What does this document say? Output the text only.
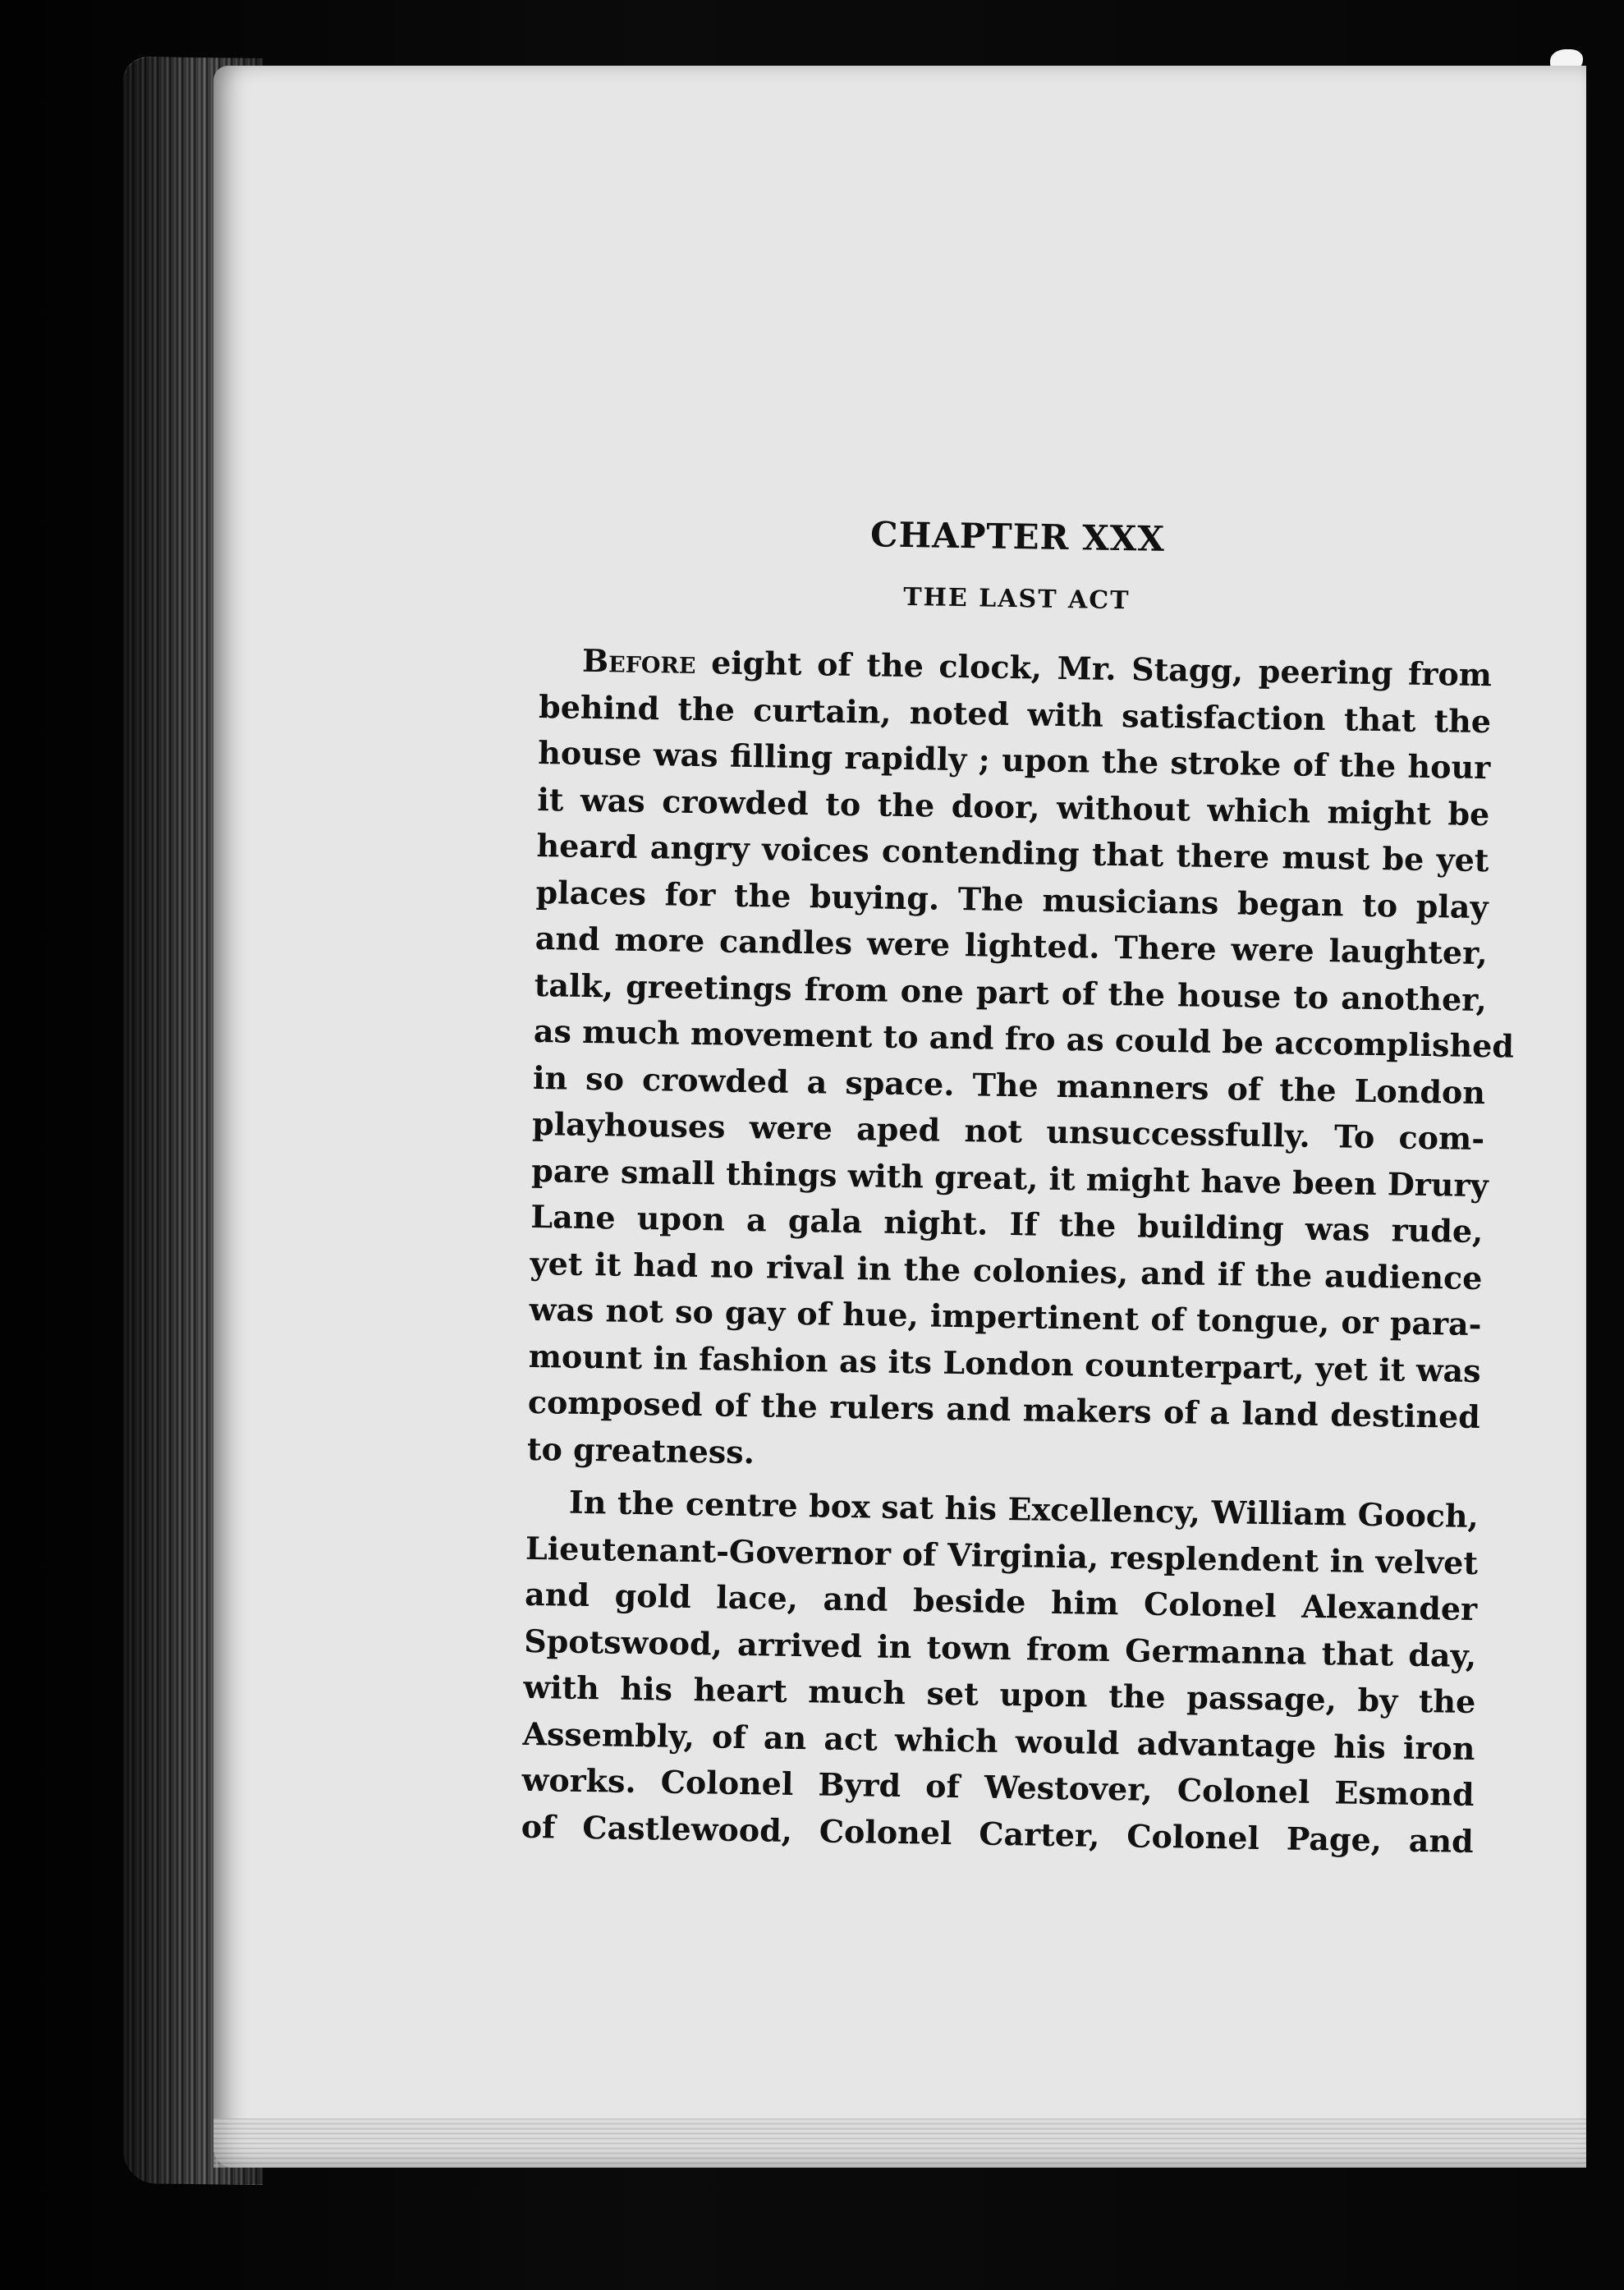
CHAPTER XXX
THE LAST ACT
Before eight of the clock, Mr. Stagg, peering from
behind the curtain, noted with satisfaction that the
house was filling rapidly ; upon the stroke of the hour
it was crowded to the door, without which might be
heard angry voices contending that there must be yet
places for the buying. The musicians began to play
and more candles were lighted. There were laughter,
talk, greetings from one part of the house to another,
as much movement to and fro as could be accomplished
in so crowded a space. The manners of the London
playhouses were aped not unsuccessfully. To com-
pare small things with great, it might have been Drury
Lane upon a gala night. If the building was rude,
yet it had no rival in the colonies, and if the audience
was not so gay of hue, impertinent of tongue, or para-
mount in fashion as its London counterpart, yet it was
composed of the rulers and makers of a land destined
to greatness.
In the centre box sat his Excellency, William Gooch,
Lieutenant-Governor of Virginia, resplendent in velvet
and gold lace, and beside him Colonel Alexander
Spotswood, arrived in town from Germanna that day,
with his heart much set upon the passage, by the
Assembly, of an act which would advantage his iron
works. Colonel Byrd of Westover, Colonel Esmond
of Castlewood, Colonel Carter, Colonel Page, and
